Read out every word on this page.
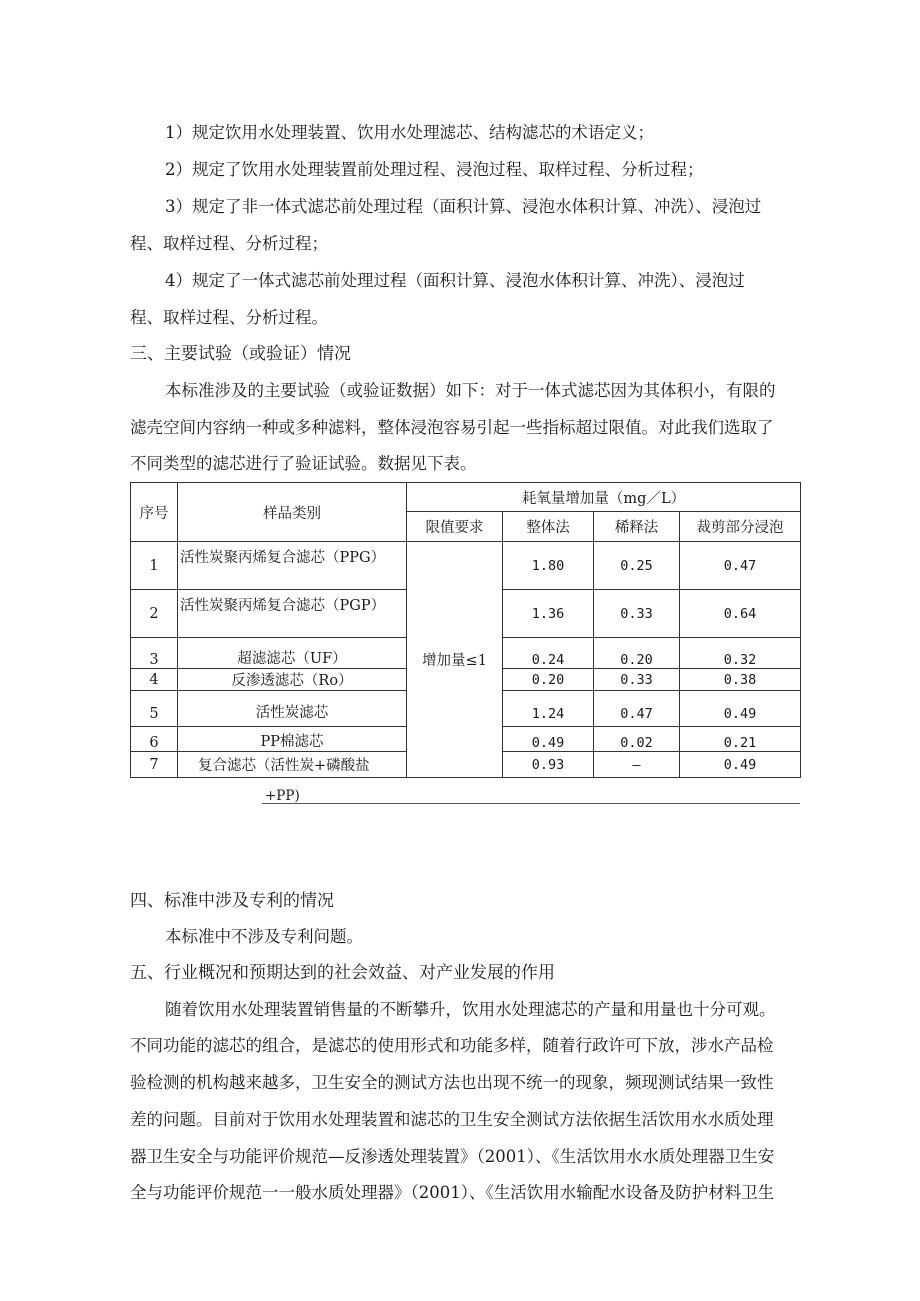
1）规定饮用水处理装置、饮用水处理滤芯、结构滤芯的术语定义；
2）规定了饮用水处理装置前处理过程、浸泡过程、取样过程、分析过程；
3）规定了非一体式滤芯前处理过程（面积计算、浸泡水体积计算、冲洗）、浸泡过
程、取样过程、分析过程；
4）规定了一体式滤芯前处理过程（面积计算、浸泡水体积计算、冲洗）、浸泡过
程、取样过程、分析过程。
三、主要试验（或验证）情况
本标准涉及的主要试验（或验证数据）如下：对于一体式滤芯因为其体积小，有限的
滤壳空间内容纳一种或多种滤料，整体浸泡容易引起一些指标超过限值。对此我们选取了
不同类型的滤芯进行了验证试验。数据见下表。
序号	样品类别	耗氧量增加量（mg／L）			
		限值要求	整体法	稀释法	裁剪部分浸泡
1	活性炭聚丙烯复合滤芯（PPG）	增加量≤1	1.80	0.25	0.47
2	活性炭聚丙烯复合滤芯（PGP）		1.36	0.33	0.64
3	超滤滤芯（UF）		0.24	0.20	0.32
4	反渗透滤芯（Ro）		0.20	0.33	0.38
5	活性炭滤芯		1.24	0.47	0.49
6	PP棉滤芯		0.49	0.02	0.21
7	复合滤芯（活性炭+磷酸盐		0.93	—	0.49
+PP)
四、标准中涉及专利的情况
本标准中不涉及专利问题。
五、行业概况和预期达到的社会效益、对产业发展的作用
随着饮用水处理装置销售量的不断攀升，饮用水处理滤芯的产量和用量也十分可观。
不同功能的滤芯的组合，是滤芯的使用形式和功能多样，随着行政许可下放，涉水产品检
验检测的机构越来越多，卫生安全的测试方法也出现不统一的现象，频现测试结果一致性
差的问题。目前对于饮用水处理装置和滤芯的卫生安全测试方法依据生活饮用水水质处理
器卫生安全与功能评价规范—反渗透处理装置》（2001）、《生活饮用水水质处理器卫生安
全与功能评价规范一一般水质处理器》（2001）、《生活饮用水输配水设备及防护材料卫生
